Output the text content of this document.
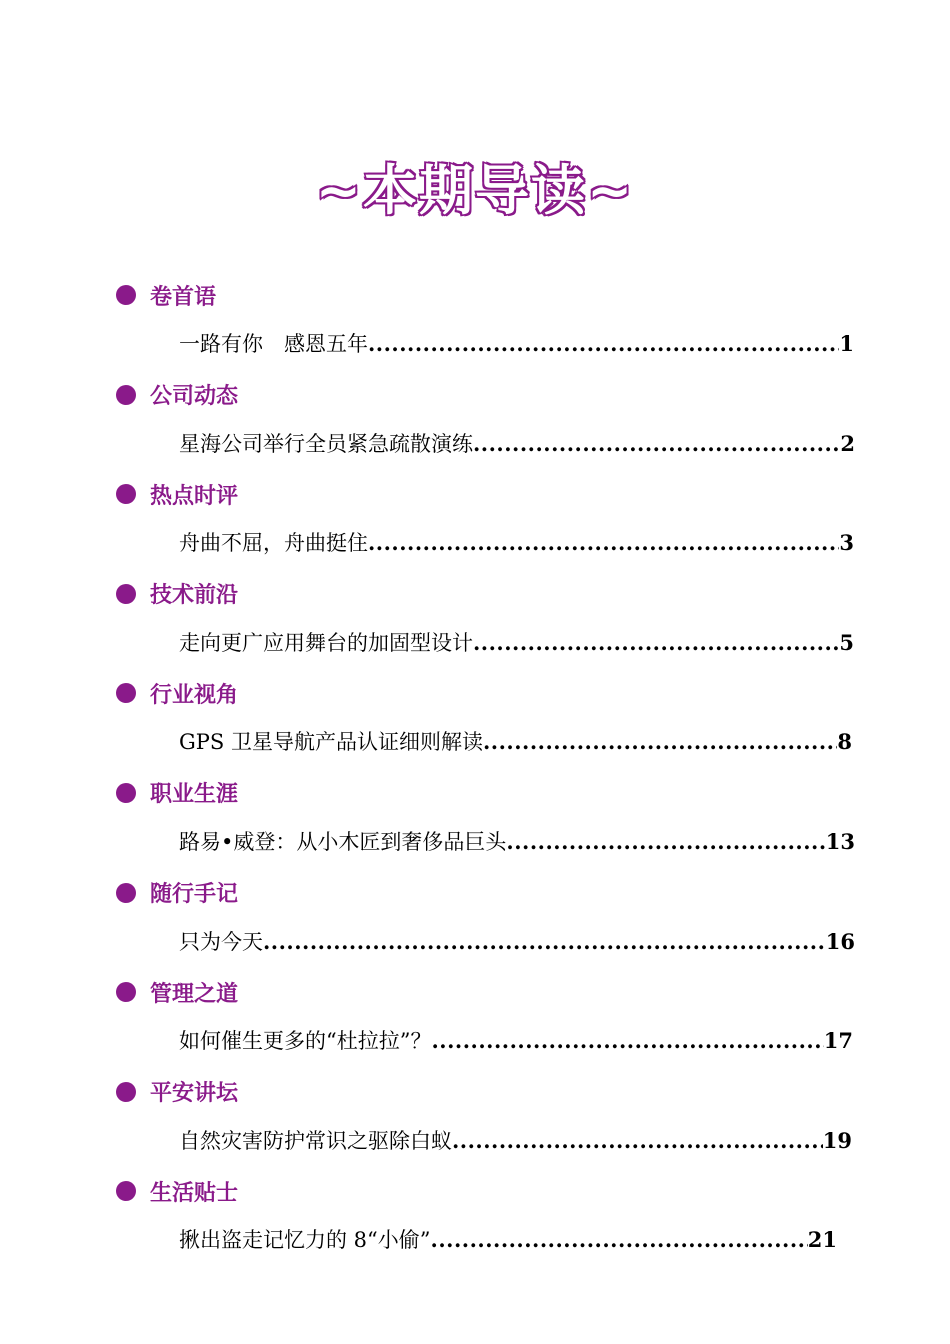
~本期导读~
卷首语
一路有你　感恩五年 .....	1
公司动态
星海公司举行全员紧急疏散演练 .....	2
热点时评
舟曲不屈，舟曲挺住 .....	3
技术前沿
走向更广应用舞台的加固型设计 .....	5
行业视角
GPS 卫星导航产品认证细则解读 .....	8
职业生涯
路易•威登：从小木匠到奢侈品巨头 .....	13
随行手记
只为今天 .....	16
管理之道
如何催生更多的“杜拉拉”？ .....	17
平安讲坛
自然灾害防护常识之驱除白蚁 .....	19
生活贴士
揪出盗走记忆力的 8“小偷” .....	21
